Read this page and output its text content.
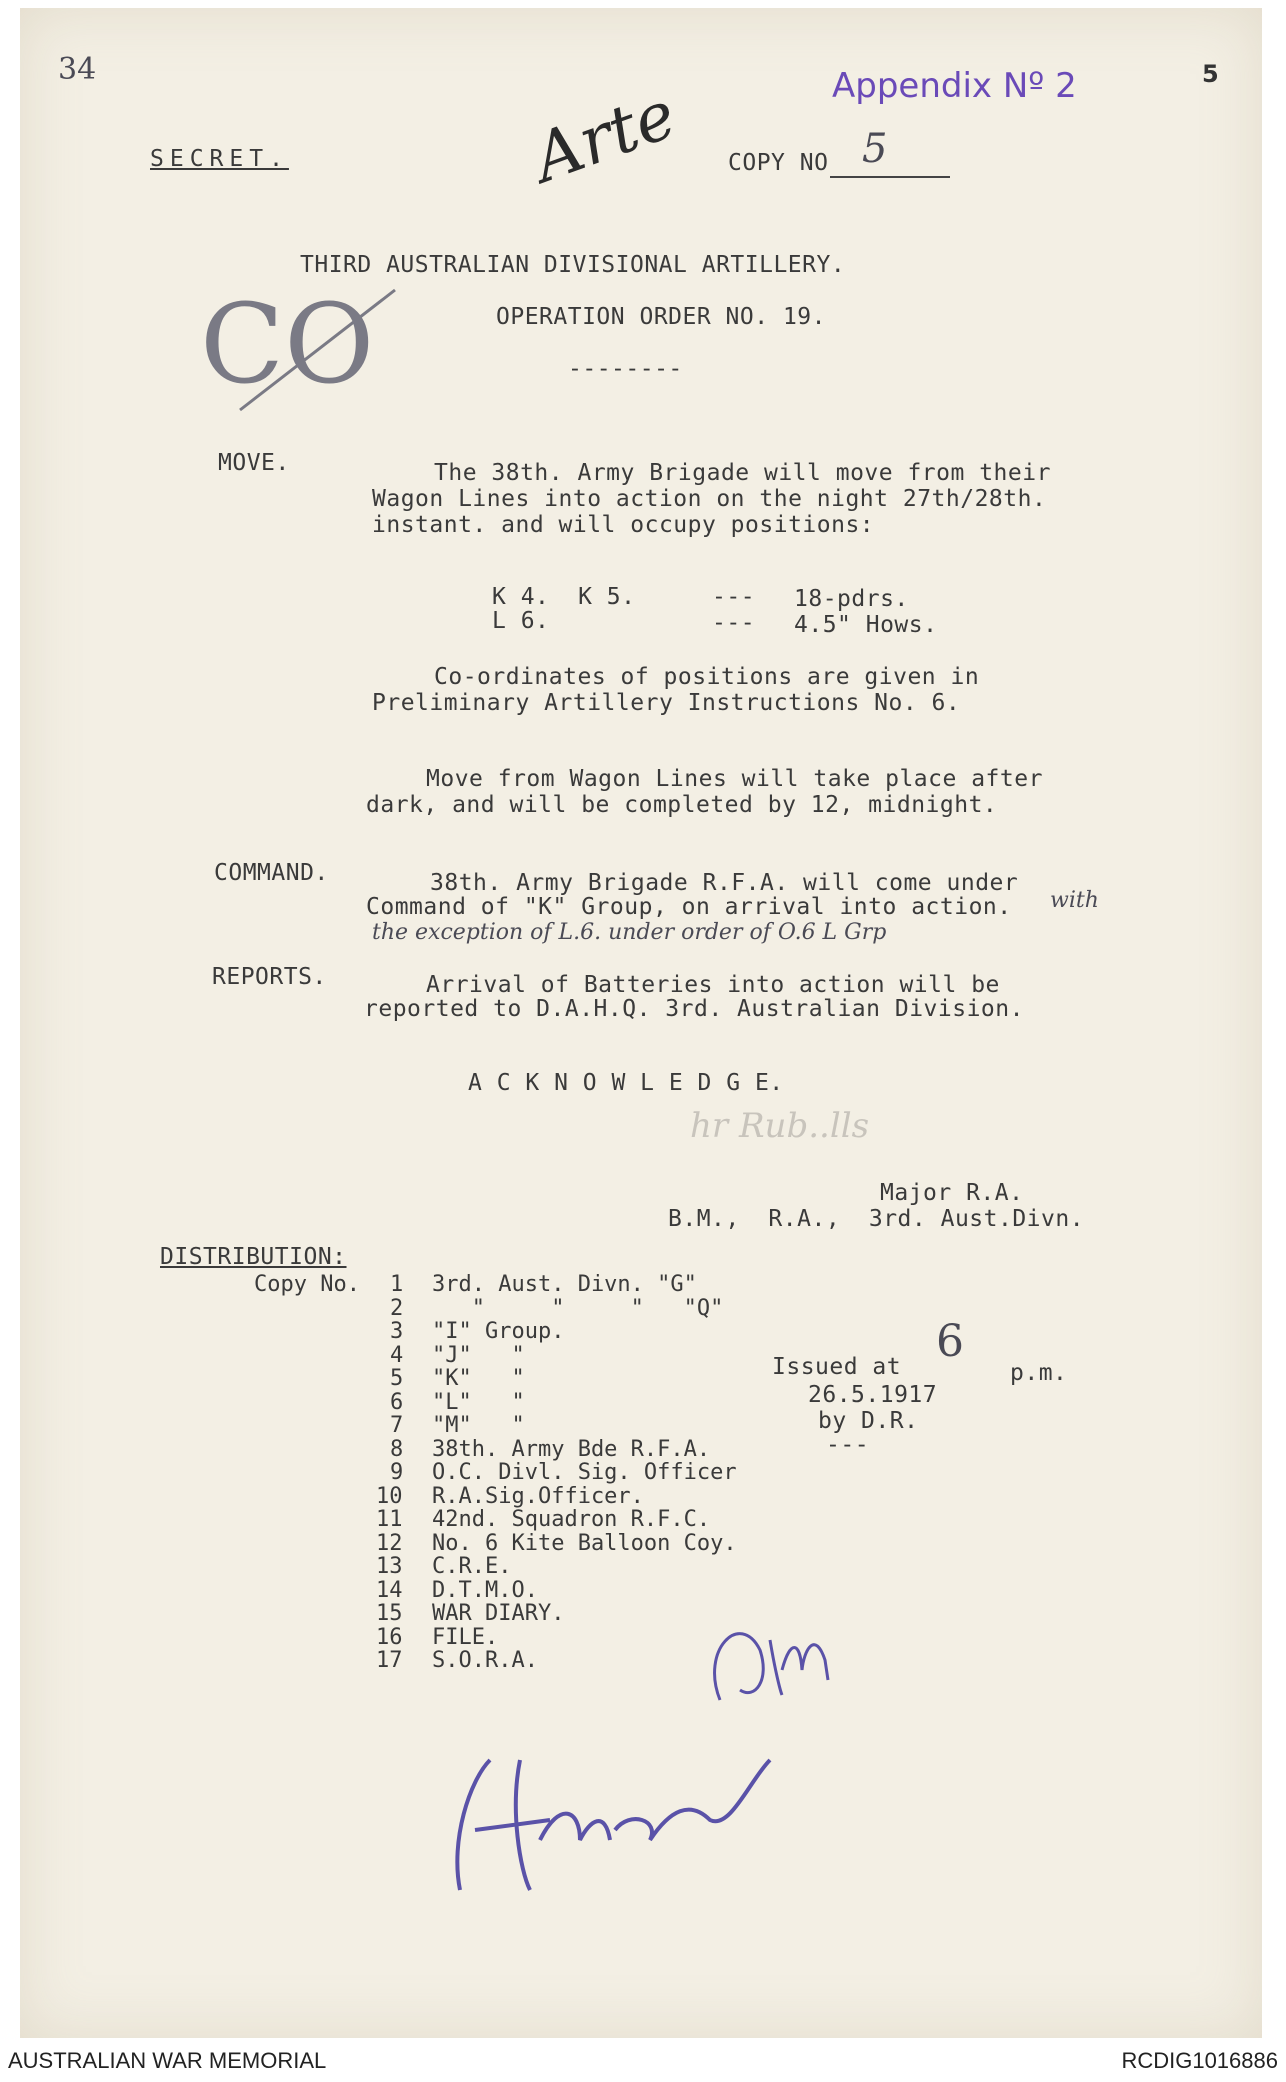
34	5
Appendix Nº 2
SECRET.	Arte COPY NO 5
THIRD AUSTRALIAN DIVISIONAL ARTILLERY.
OPERATION ORDER NO. 19.
--------
CO
MOVE.	The 38th. Army Brigade will move from their
Wagon Lines into action on the night 27th/28th.
instant. and will occupy positions:
K 4.  K 5.	--- 18-pdrs.
L 6.	--- 4.5" Hows.
Co-ordinates of positions are given in
Preliminary Artillery Instructions No. 6.
Move from Wagon Lines will take place after
dark, and will be completed by 12, midnight.
COMMAND.	38th. Army Brigade R.F.A. will come under
Command of "K" Group, on arrival into action. with
the exception of L.6. under order of O.6 L Grp
REPORTS.	Arrival of Batteries into action will be
reported to D.A.H.Q. 3rd. Australian Division.
A C K N O W L E D G E.
Major R.A.
B.M.,  R.A.,  3rd. Aust.Divn.
hr Rub..lls
DISTRIBUTION:
Copy No. 1 3rd. Aust. Divn. "G"
2 "     "     "   "Q"
3 "I" Group.
4 "J"   "
5 "K"   "
6 "L"   "
7 "M"   "
8 38th. Army Bde R.F.A.
9 O.C. Divl. Sig. Officer
10 R.A.Sig.Officer.
11 42nd. Squadron R.F.C.
12 No. 6 Kite Balloon Coy.
13 C.R.E.
14 D.T.M.O.
15 WAR DIARY.
16 FILE.
17 S.O.R.A.
Issued at 6
p.m.
26.5.1917
by D.R.
---
AUSTRALIAN WAR MEMORIAL	RCDIG1016886
